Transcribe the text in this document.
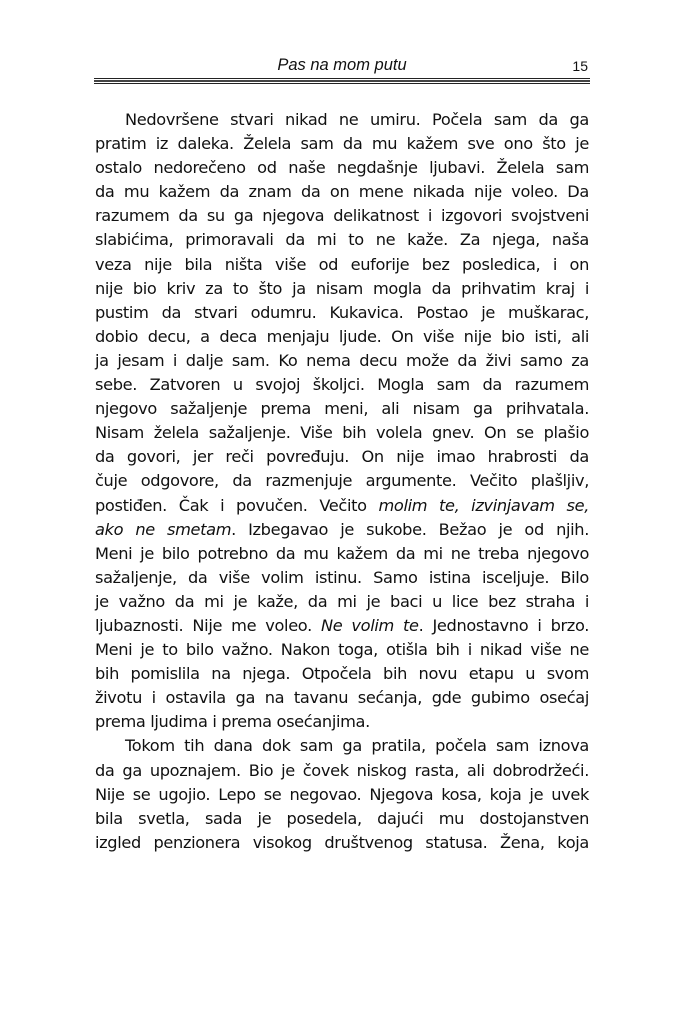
Pas na mom putu	15
Nedovršene stvari nikad ne umiru. Počela sam da ga
pratim iz daleka. Želela sam da mu kažem sve ono što je
ostalo nedorečeno od naše negdašnje ljubavi. Želela sam
da mu kažem da znam da on mene nikada nije voleo. Da
razumem da su ga njegova delikatnost i izgovori svojstveni
slabićima, primoravali da mi to ne kaže. Za njega, naša
veza nije bila ništa više od euforije bez posledica, i on
nije bio kriv za to što ja nisam mogla da prihvatim kraj i
pustim da stvari odumru. Kukavica. Postao je muškarac,
dobio decu, a deca menjaju ljude. On više nije bio isti, ali
ja jesam i dalje sam. Ko nema decu može da živi samo za
sebe. Zatvoren u svojoj školjci. Mogla sam da razumem
njegovo sažaljenje prema meni, ali nisam ga prihvatala.
Nisam želela sažaljenje. Više bih volela gnev. On se plašio
da govori, jer reči povređuju. On nije imao hrabrosti da
čuje odgovore, da razmenjuje argumente. Večito plašljiv,
postiđen. Čak i povučen. Večito molim te, izvinjavam se,
ako ne smetam. Izbegavao je sukobe. Bežao je od njih.
Meni je bilo potrebno da mu kažem da mi ne treba njegovo
sažaljenje, da više volim istinu. Samo istina isceljuje. Bilo
je važno da mi je kaže, da mi je baci u lice bez straha i
ljubaznosti. Nije me voleo. Ne volim te. Jednostavno i brzo.
Meni je to bilo važno. Nakon toga, otišla bih i nikad više ne
bih pomislila na njega. Otpočela bih novu etapu u svom
životu i ostavila ga na tavanu sećanja, gde gubimo osećaj
prema ljudima i prema osećanjima.
Tokom tih dana dok sam ga pratila, počela sam iznova
da ga upoznajem. Bio je čovek niskog rasta, ali dobrodržeći.
Nije se ugojio. Lepo se negovao. Njegova kosa, koja je uvek
bila svetla, sada je posedela, dajući mu dostojanstven
izgled penzionera visokog društvenog statusa. Žena, koja
